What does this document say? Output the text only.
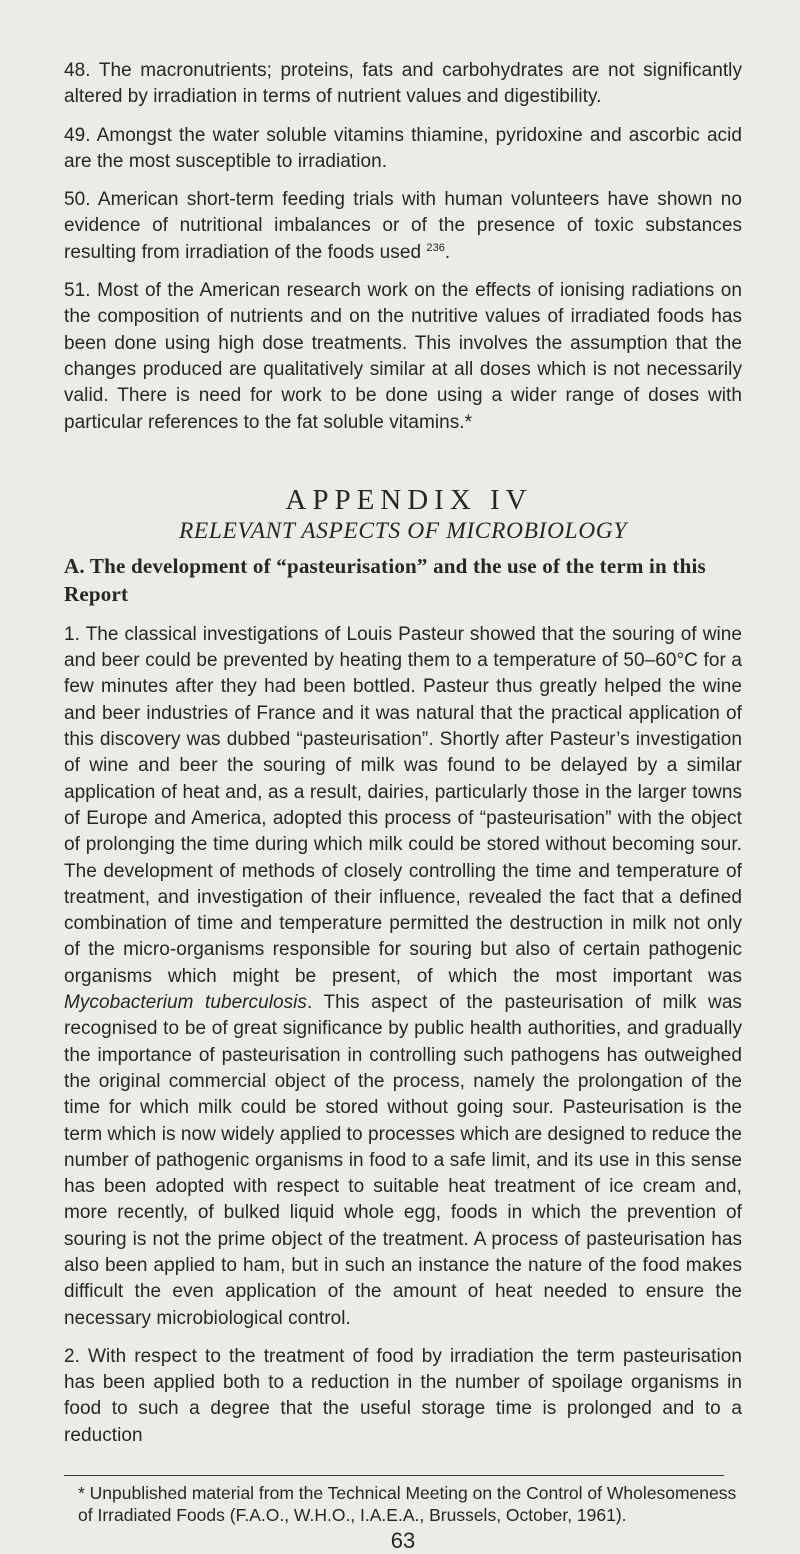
48. The macronutrients; proteins, fats and carbohydrates are not significantly altered by irradiation in terms of nutrient values and digestibility.

49. Amongst the water soluble vitamins thiamine, pyridoxine and ascorbic acid are the most susceptible to irradiation.

50. American short-term feeding trials with human volunteers have shown no evidence of nutritional imbalances or of the presence of toxic substances resulting from irradiation of the foods used $^{236}$.

51. Most of the American research work on the effects of ionising radiations on the composition of nutrients and on the nutritive values of irradiated foods has been done using high dose treatments. This involves the assumption that the changes produced are qualitatively similar at all doses which is not necessarily valid. There is need for work to be done using a wider range of doses with particular references to the fat soluble vitamins.*

APPENDIX IV
RELEVANT ASPECTS OF MICROBIOLOGY
A. The development of “pasteurisation” and the use of the term in this Report

1. The classical investigations of Louis Pasteur showed that the souring of wine and beer could be prevented by heating them to a temperature of 50–60°C for a few minutes after they had been bottled. Pasteur thus greatly helped the wine and beer industries of France and it was natural that the practical application of this discovery was dubbed “pasteurisation”. Shortly after Pasteur’s investigation of wine and beer the souring of milk was found to be delayed by a similar application of heat and, as a result, dairies, particularly those in the larger towns of Europe and America, adopted this process of “pasteurisation” with the object of prolonging the time during which milk could be stored without becoming sour. The development of methods of closely controlling the time and temperature of treatment, and investigation of their influence, revealed the fact that a defined combination of time and temperature permitted the destruction in milk not only of the micro-organisms responsible for souring but also of certain pathogenic organisms which might be present, of which the most important was Mycobacterium tuberculosis. This aspect of the pasteurisation of milk was recognised to be of great significance by public health authorities, and gradually the importance of pasteurisation in controlling such pathogens has outweighed the original commercial object of the process, namely the prolongation of the time for which milk could be stored without going sour. Pasteurisation is the term which is now widely applied to processes which are designed to reduce the number of pathogenic organisms in food to a safe limit, and its use in this sense has been adopted with respect to suitable heat treatment of ice cream and, more recently, of bulked liquid whole egg, foods in which the prevention of souring is not the prime object of the treatment. A process of pasteurisation has also been applied to ham, but in such an instance the nature of the food makes difficult the even application of the amount of heat needed to ensure the necessary microbiological control.

2. With respect to the treatment of food by irradiation the term pasteurisation has been applied both to a reduction in the number of spoilage organisms in food to such a degree that the useful storage time is prolonged and to a reduction

* Unpublished material from the Technical Meeting on the Control of Wholesomeness of Irradiated Foods (F.A.O., W.H.O., I.A.E.A., Brussels, October, 1961).

63
